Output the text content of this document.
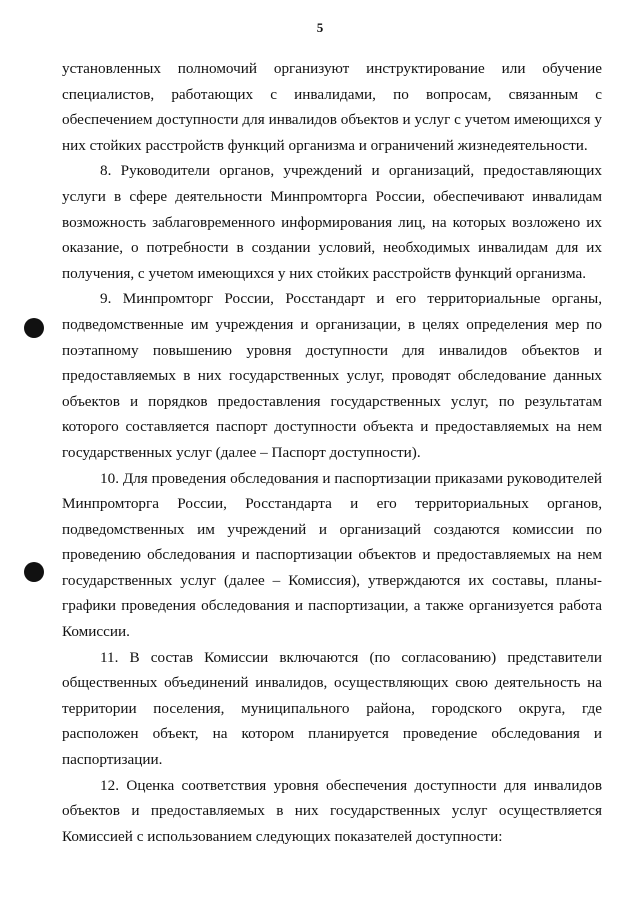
5

установленных полномочий организуют инструктирование или обучение специалистов, работающих с инвалидами, по вопросам, связанным с обеспечением доступности для инвалидов объектов и услуг с учетом имеющихся у них стойких расстройств функций организма и ограничений жизнедеятельности.

8. Руководители органов, учреждений и организаций, предоставляющих услуги в сфере деятельности Минпромторга России, обеспечивают инвалидам возможность заблаговременного информирования лиц, на которых возложено их оказание, о потребности в создании условий, необходимых инвалидам для их получения, с учетом имеющихся у них стойких расстройств функций организма.

9. Минпромторг России, Росстандарт и его территориальные органы, подведомственные им учреждения и организации, в целях определения мер по поэтапному повышению уровня доступности для инвалидов объектов и предоставляемых в них государственных услуг, проводят обследование данных объектов и порядков предоставления государственных услуг, по результатам которого составляется паспорт доступности объекта и предоставляемых на нем государственных услуг (далее – Паспорт доступности).

10. Для проведения обследования и паспортизации приказами руководителей Минпромторга России, Росстандарта и его территориальных органов, подведомственных им учреждений и организаций создаются комиссии по проведению обследования и паспортизации объектов и предоставляемых на нем государственных услуг (далее – Комиссия), утверждаются их составы, планы-графики проведения обследования и паспортизации, а также организуется работа Комиссии.

11. В состав Комиссии включаются (по согласованию) представители общественных объединений инвалидов, осуществляющих свою деятельность на территории поселения, муниципального района, городского округа, где расположен объект, на котором планируется проведение обследования и паспортизации.

12. Оценка соответствия уровня обеспечения доступности для инвалидов объектов и предоставляемых в них государственных услуг осуществляется Комиссией с использованием следующих показателей доступности:
